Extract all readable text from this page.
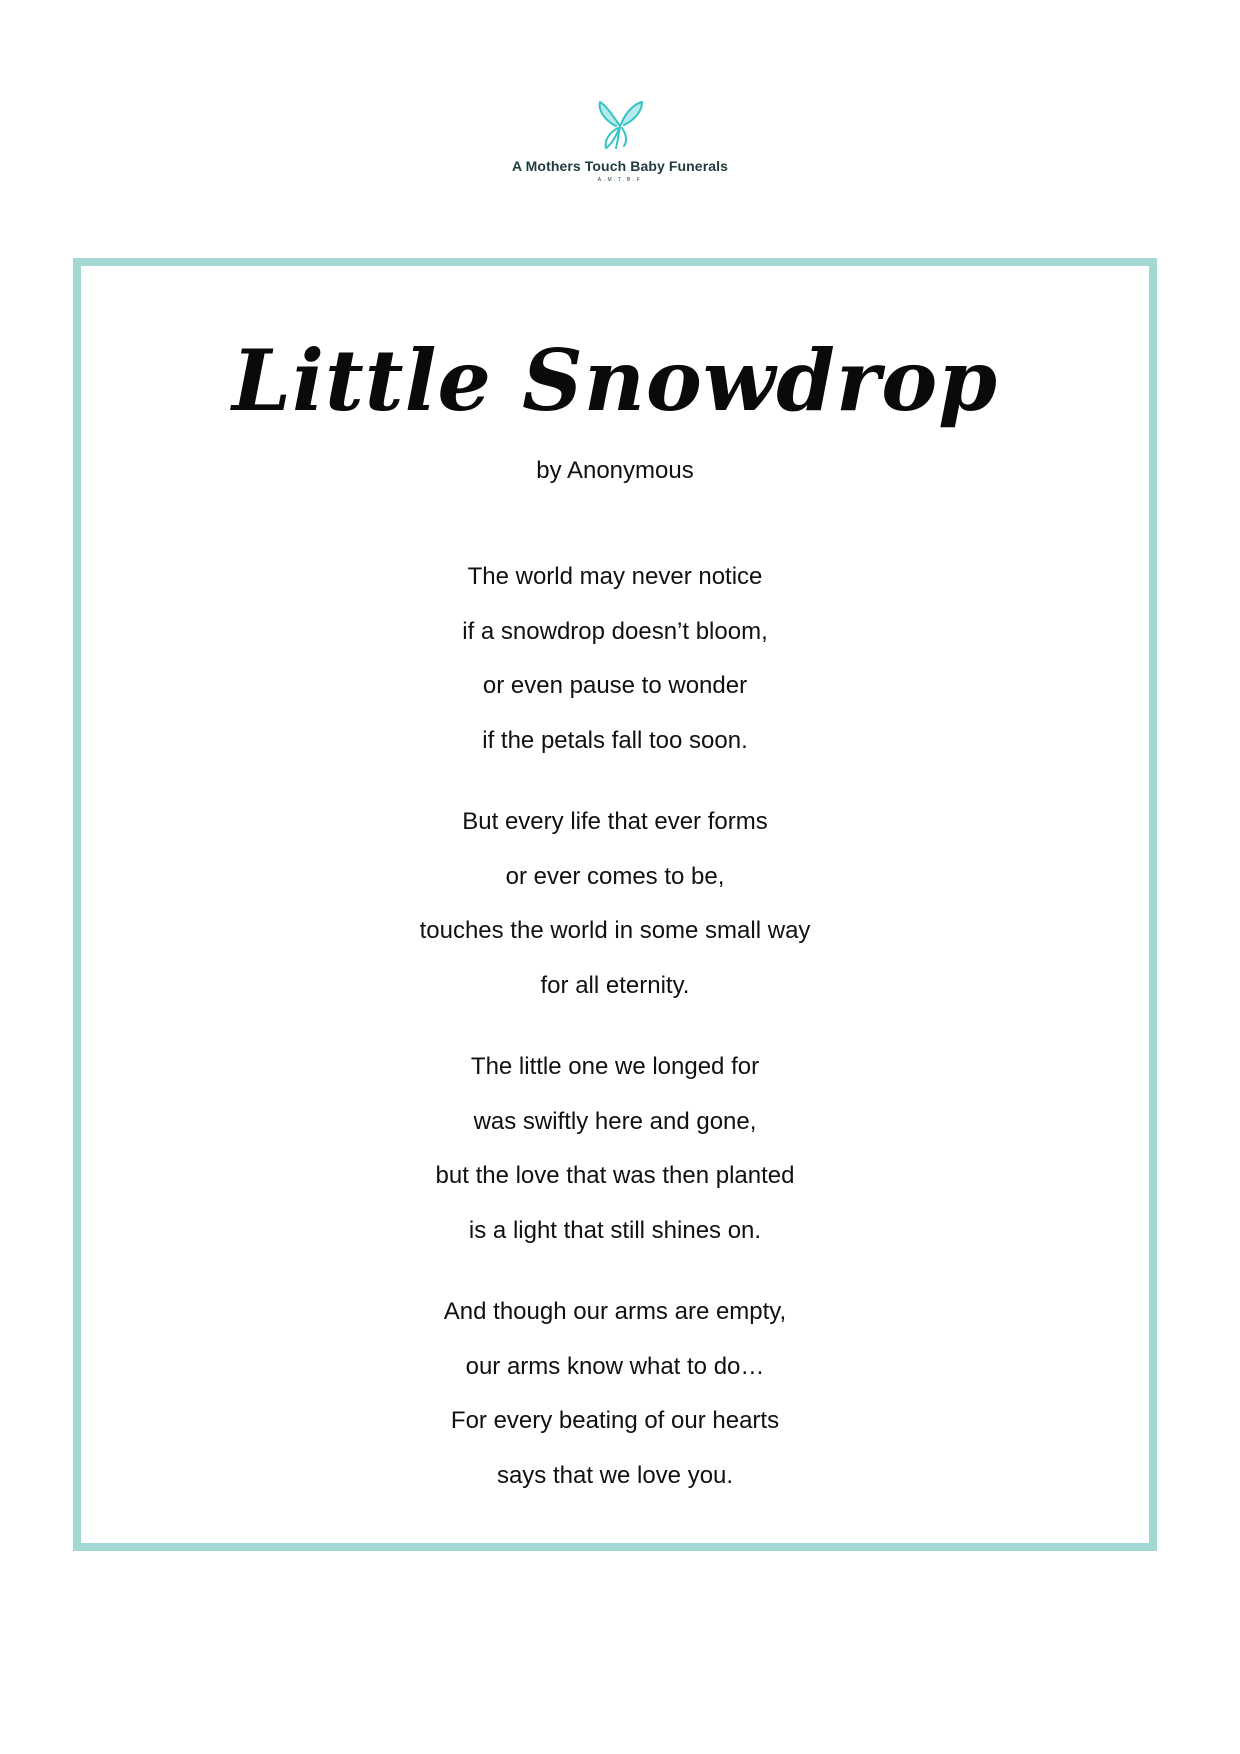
A Mothers Touch Baby Funerals
A.M.T.B.F
Little Snowdrop
by Anonymous
The world may never notice
if a snowdrop doesn’t bloom,
or even pause to wonder
if the petals fall too soon.
But every life that ever forms
or ever comes to be,
touches the world in some small way
for all eternity.
The little one we longed for
was swiftly here and gone,
but the love that was then planted
is a light that still shines on.
And though our arms are empty,
our arms know what to do…
For every beating of our hearts
says that we love you.
